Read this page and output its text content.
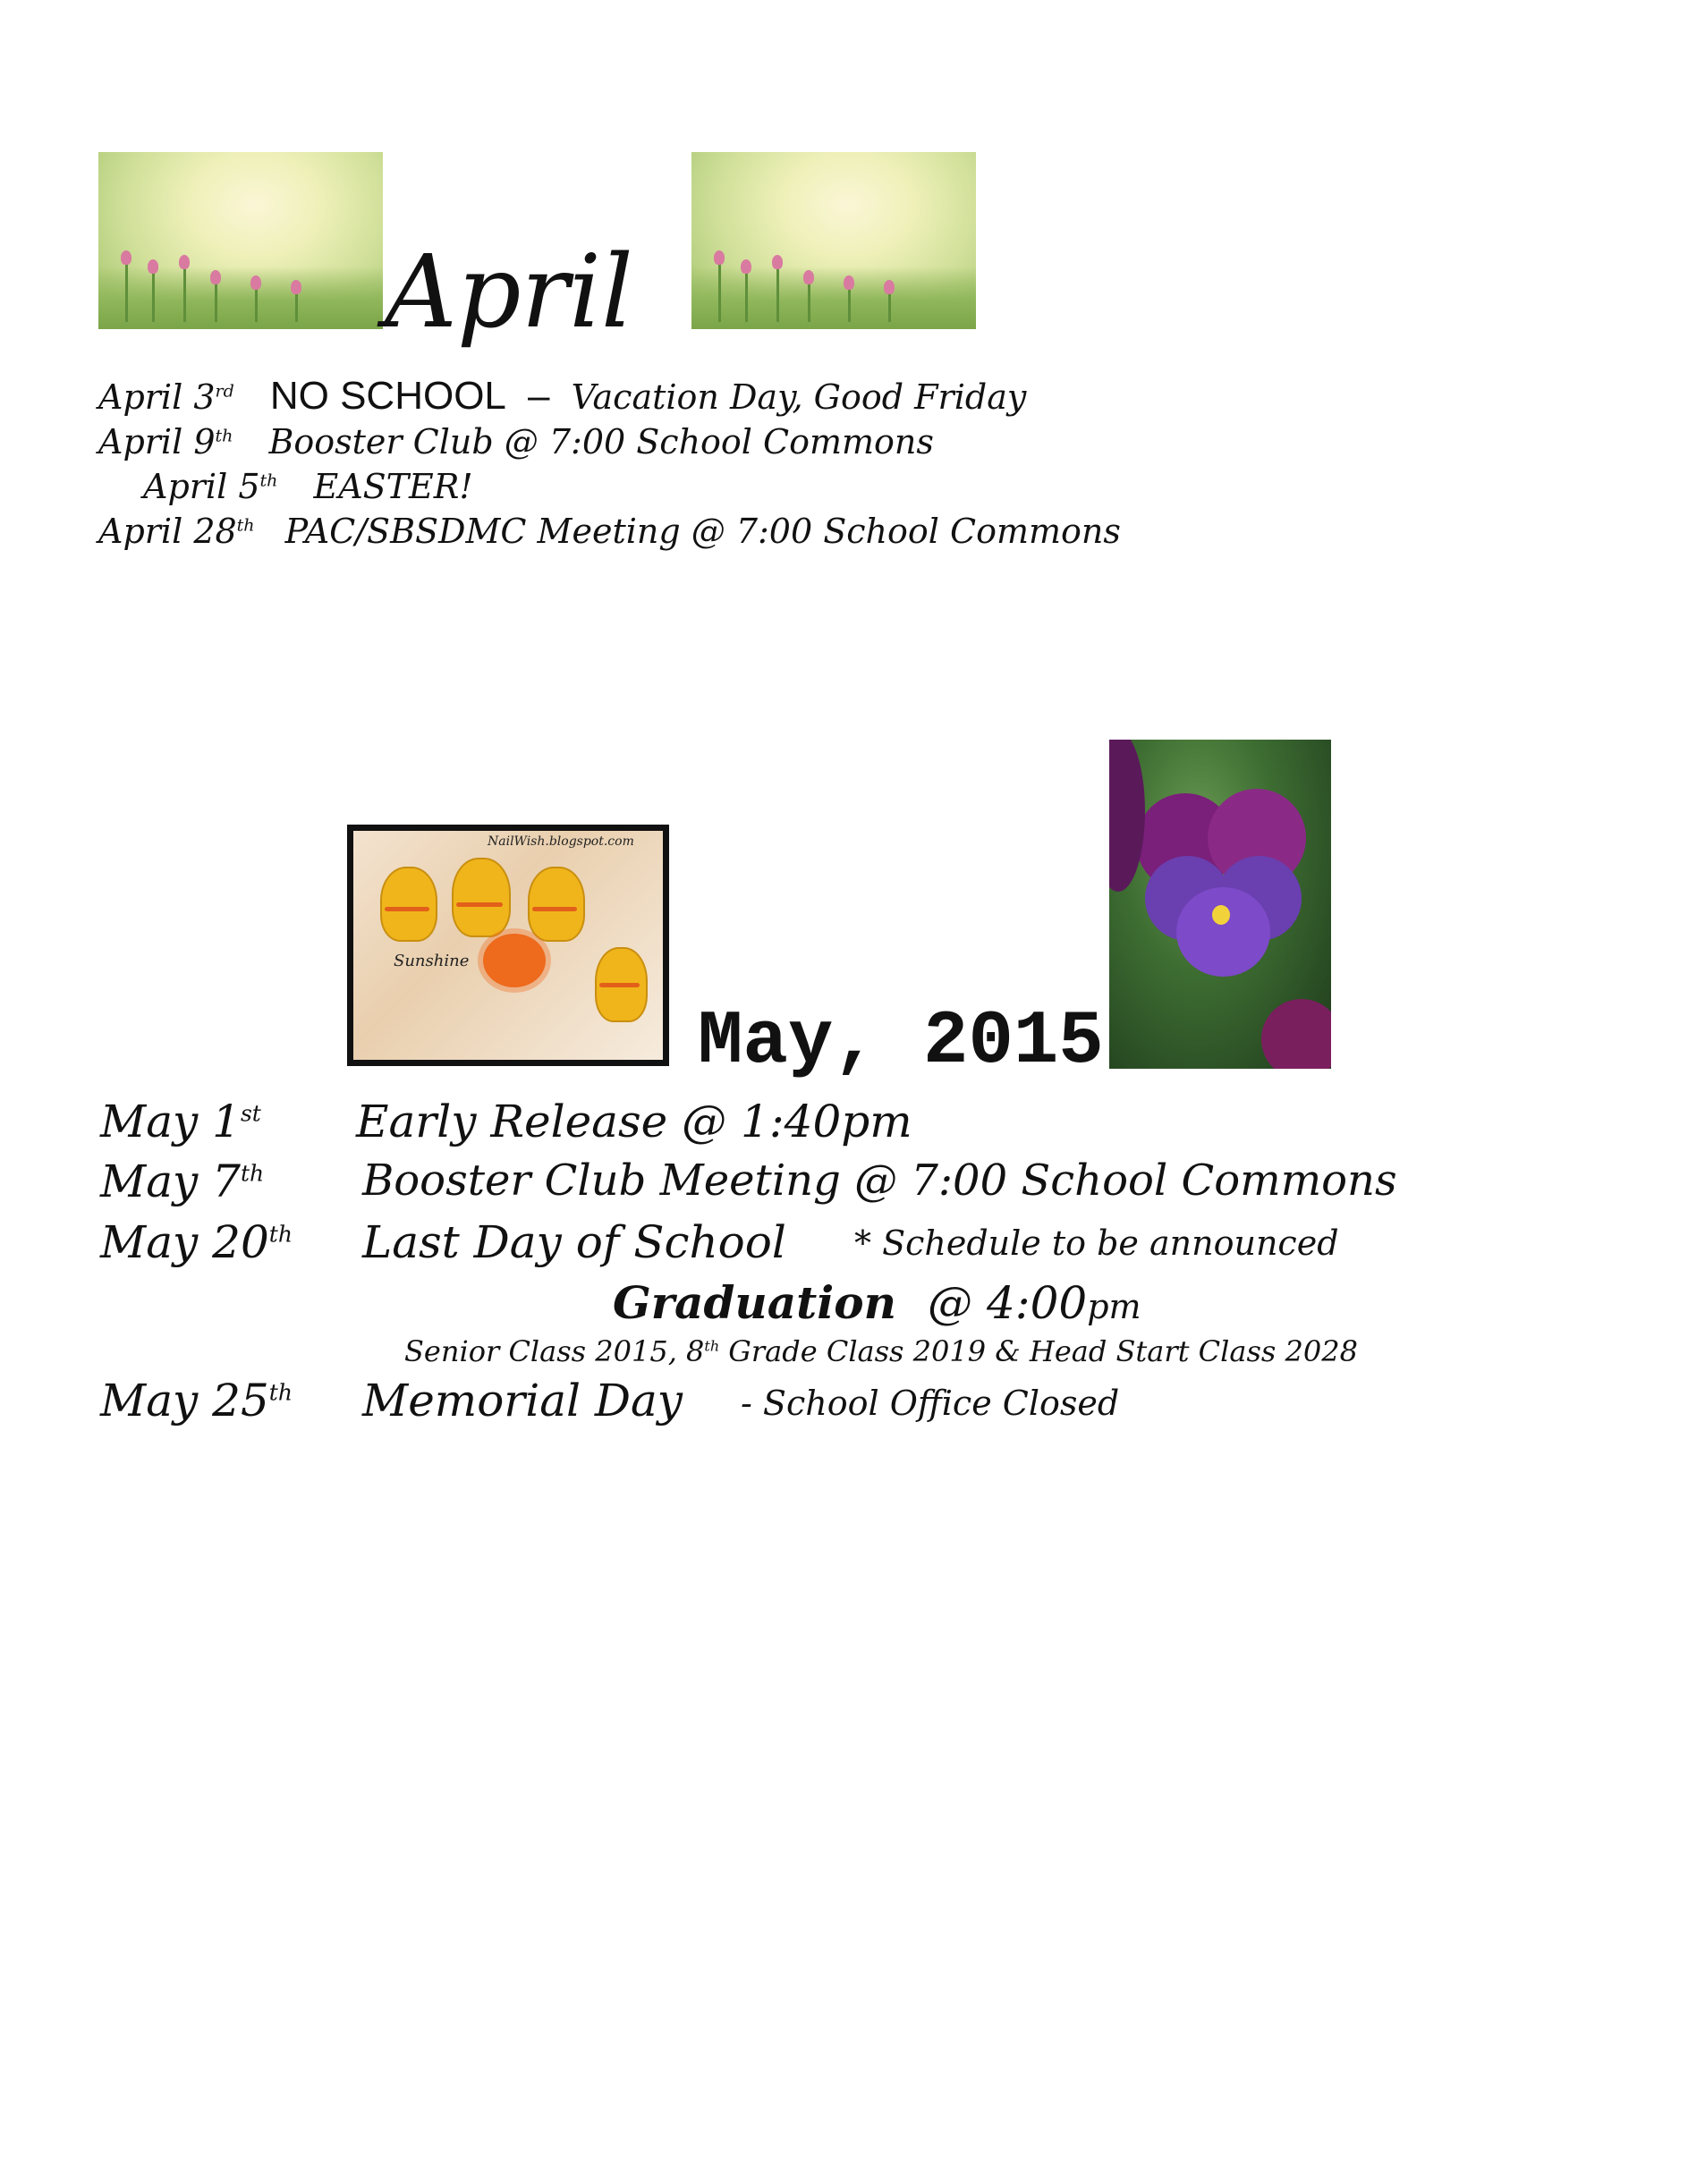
April
April 3rd NO SCHOOL – Vacation Day, Good Friday
April 9th Booster Club @ 7:00 School Commons
April 5th EASTER!
April 28th PAC/SBSDMC Meeting @ 7:00 School Commons
NailWish.blogspot.com
Sunshine
May, 2015
May 1st Early Release @ 1:40pm
May 7th Booster Club Meeting @ 7:00 School Commons
May 20th Last Day of School * Schedule to be announced
Graduation @ 4:00pm
Senior Class 2015, 8th Grade Class 2019 & Head Start Class 2028
May 25th Memorial Day - School Office Closed
